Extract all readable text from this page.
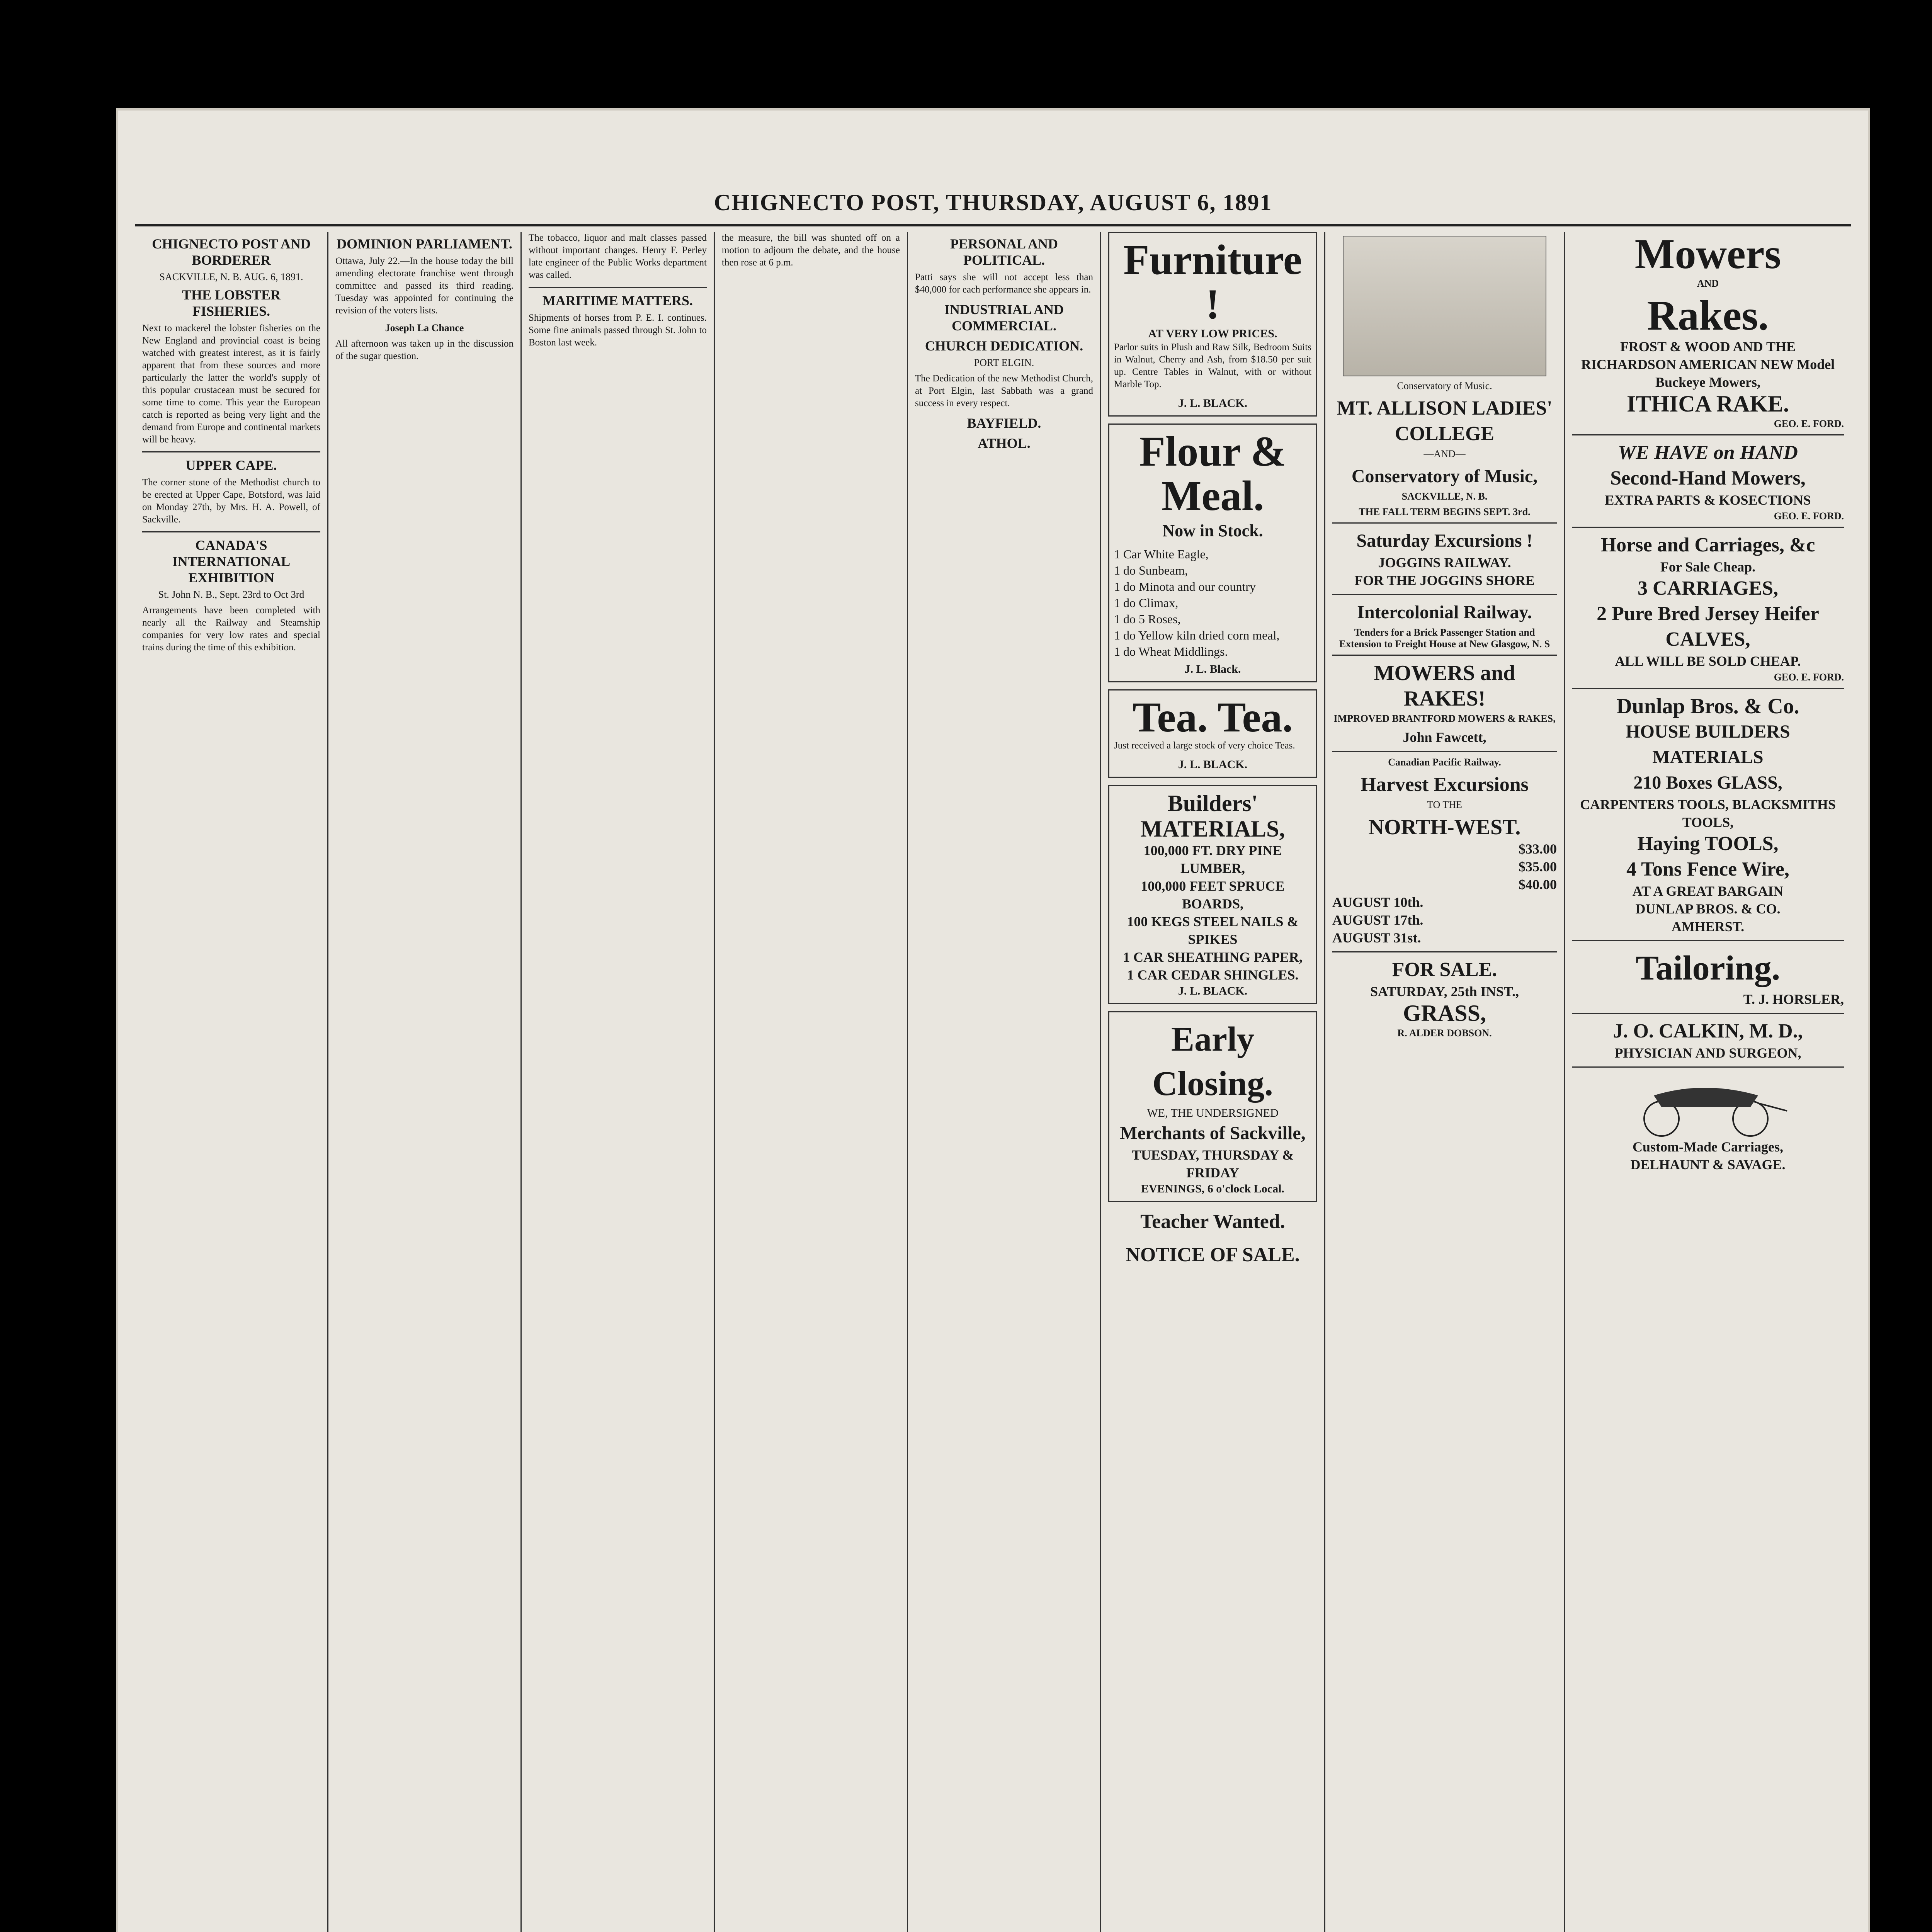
CHIGNECTO POST, THURSDAY, AUGUST 6, 1891
CHIGNECTO POST AND BORDERER
SACKVILLE, N. B. AUG. 6, 1891.
THE LOBSTER FISHERIES.

Next to mackerel the lobster fisheries on the New England and provincial coast is being watched with greatest interest, as it is fairly apparent that from these sources and more particularly the latter the world's supply of this popular crustacean must be secured for some time to come. This year the European catch is reported as being very light and the demand from Europe and continental markets will be heavy.

UPPER CAPE.

The corner stone of the Methodist church to be erected at Upper Cape, Botsford, was laid on Monday 27th, by Mrs. H. A. Powell, of Sackville.

CANADA'S INTERNATIONAL EXHIBITION
St. John N. B., Sept. 23rd to Oct 3rd

Arrangements have been completed with nearly all the Railway and Steamship companies for very low rates and special trains during the time of this exhibition.

DOMINION PARLIAMENT.

Ottawa, July 22.—In the house today the bill amending electorate franchise went through committee and passed its third reading. Tuesday was appointed for continuing the revision of the voters lists.

Joseph La Chance

All afternoon was taken up in the discussion of the sugar question.

The tobacco, liquor and malt classes passed without important changes. Henry F. Perley late engineer of the Public Works department was called.

MARITIME MATTERS.

Shipments of horses from P. E. I. continues. Some fine animals passed through St. John to Boston last week.

the measure, the bill was shunted off on a motion to adjourn the debate, and the house then rose at 6 p.m.

PERSONAL AND POLITICAL.

Patti says she will not accept less than $40,000 for each performance she appears in.

INDUSTRIAL AND COMMERCIAL.
CHURCH DEDICATION.
PORT ELGIN.

The Dedication of the new Methodist Church, at Port Elgin, last Sabbath was a grand success in every respect.

BAYFIELD.
ATHOL.
Furniture !
AT VERY LOW PRICES.

Parlor suits in Plush and Raw Silk, Bedroom Suits in Walnut, Cherry and Ash, from $18.50 per suit up. Centre Tables in Walnut, with or without Marble Top.

J. L. BLACK.
Flour & Meal.
Now in Stock.
1 Car White Eagle,
1 do Sunbeam,
1 do Minota and our country
1 do Climax,
1 do 5 Roses,
1 do Yellow kiln dried corn meal,
1 do Wheat Middlings.
J. L. Black.
Tea. Tea.

Just received a large stock of very choice Teas.

J. L. BLACK.
Builders' MATERIALS,
100,000 FT. DRY PINE LUMBER,
100,000 FEET SPRUCE BOARDS,
100 KEGS STEEL NAILS & SPIKES
1 CAR SHEATHING PAPER,
1 CAR CEDAR SHINGLES.
J. L. BLACK.
Early Closing.
WE, THE UNDERSIGNED
Merchants of Sackville,
TUESDAY, THURSDAY & FRIDAY
EVENINGS, 6 o'clock Local.
Teacher Wanted.
NOTICE OF SALE.
Conservatory of Music.
MT. ALLISON LADIES' COLLEGE
—AND—
Conservatory of Music,
SACKVILLE, N. B.
THE FALL TERM BEGINS SEPT. 3rd.
Saturday Excursions !
JOGGINS RAILWAY.
FOR THE JOGGINS SHORE
Intercolonial Railway.
Tenders for a Brick Passenger Station and Extension to Freight House at New Glasgow, N. S
MOWERS and RAKES!
IMPROVED BRANTFORD MOWERS & RAKES,
John Fawcett,
Canadian Pacific Railway.
Harvest Excursions
TO THE
NORTH-WEST.
$33.00
$35.00
$40.00
AUGUST 10th.
AUGUST 17th.
AUGUST 31st.
FOR SALE.
SATURDAY, 25th INST.,
GRASS,
R. ALDER DOBSON.
Mowers
AND
Rakes.
FROST & WOOD AND THE RICHARDSON AMERICAN NEW Model Buckeye Mowers,
ITHICA RAKE.
GEO. E. FORD.
WE HAVE on HAND
Second-Hand Mowers,
EXTRA PARTS & KOSECTIONS
GEO. E. FORD.
Horse and Carriages, &c
For Sale Cheap.
3 CARRIAGES,
2 Pure Bred Jersey Heifer CALVES,
ALL WILL BE SOLD CHEAP.
GEO. E. FORD.
Dunlap Bros. & Co.
HOUSE BUILDERS MATERIALS
210 Boxes GLASS,
CARPENTERS TOOLS, BLACKSMITHS TOOLS,
Haying TOOLS,
4 Tons Fence Wire,
AT A GREAT BARGAIN
DUNLAP BROS. & CO.
AMHERST.
Tailoring.
T. J. HORSLER,
J. O. CALKIN, M. D.,
PHYSICIAN AND SURGEON,
Custom-Made Carriages,
DELHAUNT & SAVAGE.
